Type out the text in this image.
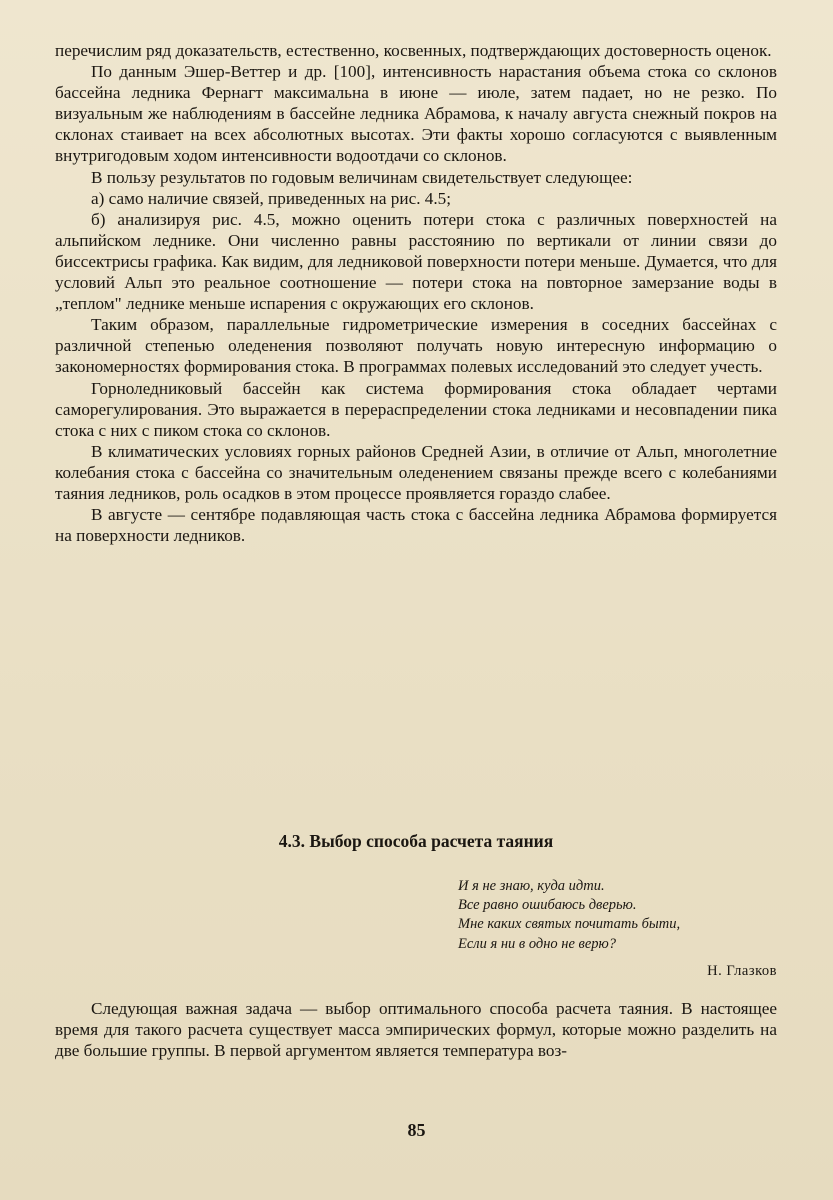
перечислим ряд доказательств, естественно, косвенных, подтверждающих достоверность оценок.

По данным Эшер-Веттер и др. [100], интенсивность нарастания объема стока со склонов бассейна ледника Фернагт максимальна в июне — июле, затем падает, но не резко. По визуальным же наблюдениям в бассейне ледника Абрамова, к началу августа снежный покров на склонах стаивает на всех абсолютных высотах. Эти факты хорошо согласуются с выявленным внутригодовым ходом интенсивности водоотдачи со склонов.

В пользу результатов по годовым величинам свидетельствует следующее:

а) само наличие связей, приведенных на рис. 4.5;

б) анализируя рис. 4.5, можно оценить потери стока с различных поверхностей на альпийском леднике. Они численно равны расстоянию по вертикали от линии связи до биссектрисы графика. Как видим, для ледниковой поверхности потери меньше. Думается, что для условий Альп это реальное соотношение — потери стока на повторное замерзание воды в „теплом" леднике меньше испарения с окружающих его склонов.

Таким образом, параллельные гидрометрические измерения в соседних бассейнах с различной степенью оледенения позволяют получать новую интересную информацию о закономерностях формирования стока. В программах полевых исследований это следует учесть.

Горноледниковый бассейн как система формирования стока обладает чертами саморегулирования. Это выражается в перераспределении стока ледниками и несовпадении пика стока с них с пиком стока со склонов.

В климатических условиях горных районов Средней Азии, в отличие от Альп, многолетние колебания стока с бассейна со значительным оледенением связаны прежде всего с колебаниями таяния ледников, роль осадков в этом процессе проявляется гораздо слабее.

В августе — сентябре подавляющая часть стока с бассейна ледника Абрамова формируется на поверхности ледников.

4.3. Выбор способа расчета таяния
И я не знаю, куда идти.
Все равно ошибаюсь дверью.
Мне каких святых почитать быти,
Если я ни в одно не верю?
Н. Глазков

Следующая важная задача — выбор оптимального способа расчета таяния. В настоящее время для такого расчета существует масса эмпирических формул, которые можно разделить на две большие группы. В первой аргументом является температура воз-

85
